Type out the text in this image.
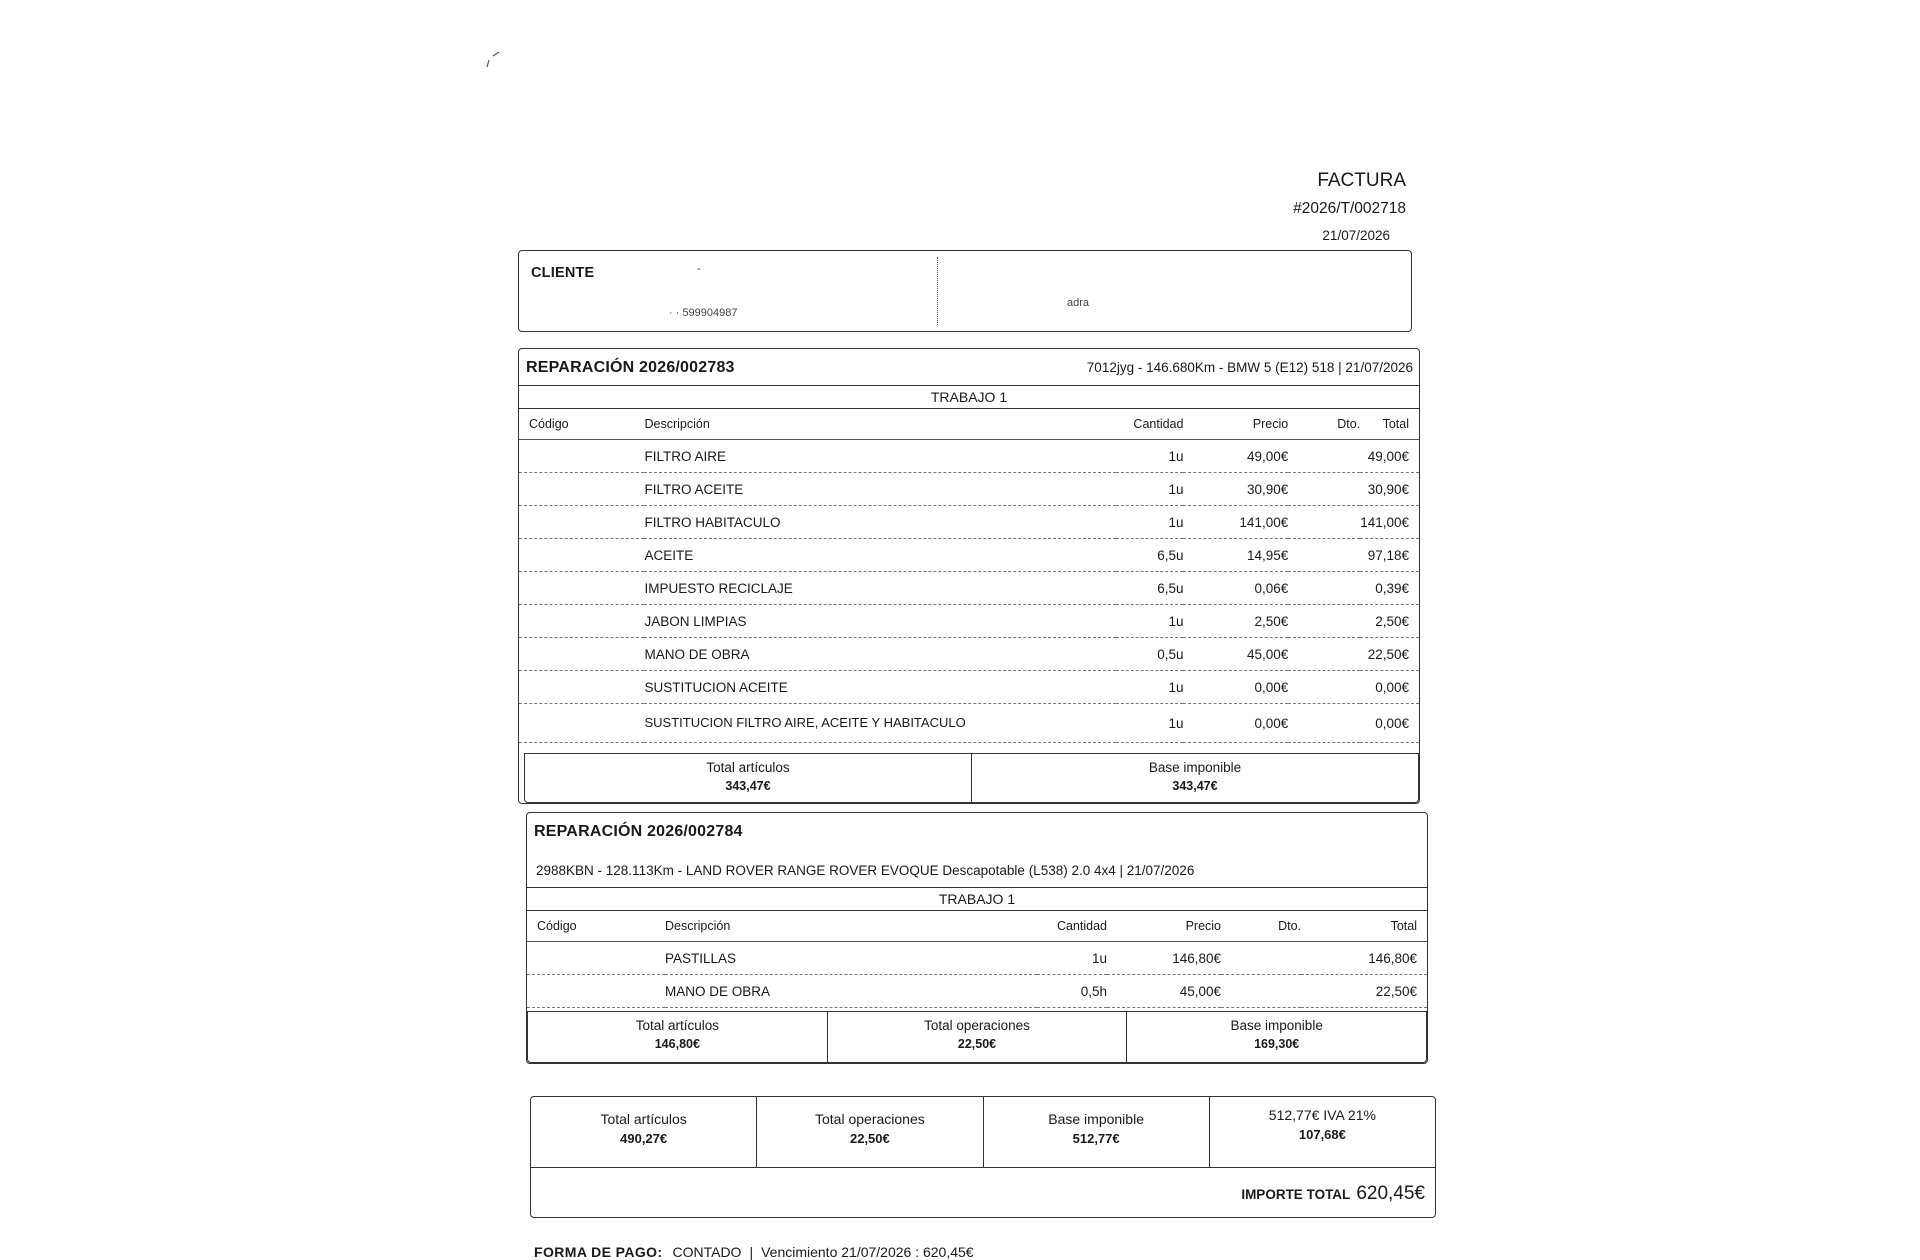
FACTURA
#2026/T/002718
21/07/2026
CLIENTE	-
· · 599904987
adra
REPARACIÓN 2026/002783	7012jyg - 146.680Km - BMW 5 (E12) 518 | 21/07/2026
TRABAJO 1
Código	Descripción	Cantidad	Precio	Dto.	Total
	FILTRO AIRE	1u	49,00€		49,00€
	FILTRO ACEITE	1u	30,90€		30,90€
	FILTRO HABITACULO	1u	141,00€		141,00€
	ACEITE	6,5u	14,95€		97,18€
	IMPUESTO RECICLAJE	6,5u	0,06€		0,39€
	JABON LIMPIAS	1u	2,50€		2,50€
	MANO DE OBRA	0,5u	45,00€		22,50€
	SUSTITUCION ACEITE	1u	0,00€		0,00€
	SUSTITUCION FILTRO AIRE, ACEITE Y HABITACULO	1u	0,00€		0,00€
Total artículos
343,47€
Base imponible
343,47€
REPARACIÓN 2026/002784
2988KBN - 128.113Km - LAND ROVER RANGE ROVER EVOQUE Descapotable (L538) 2.0 4x4 | 21/07/2026
TRABAJO 1
Código	Descripción	Cantidad	Precio	Dto.	Total
	PASTILLAS	1u	146,80€		146,80€
	MANO DE OBRA	0,5h	45,00€		22,50€
Total artículos
146,80€
Total operaciones
22,50€
Base imponible
169,30€
Total artículos
490,27€
Total operaciones
22,50€
Base imponible
512,77€
512,77€ IVA 21%
107,68€
IMPORTE TOTAL 620,45€
FORMA DE PAGO: CONTADO | Vencimiento 21/07/2026 : 620,45€
